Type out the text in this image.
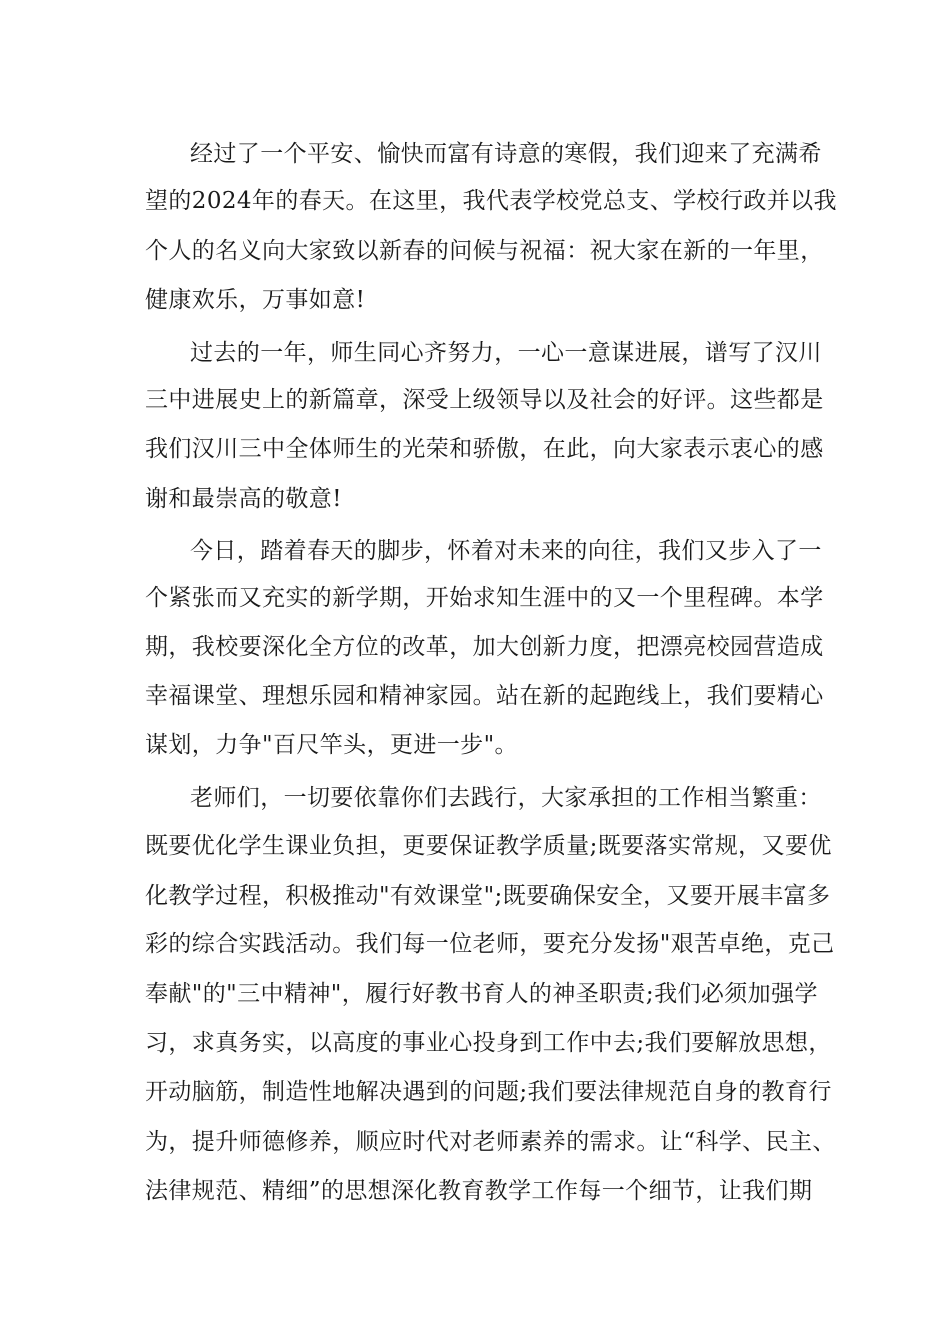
经过了一个平安、愉快而富有诗意的寒假，我们迎来了充满希
望的2024年的春天。在这里，我代表学校党总支、学校行政并以我
个人的名义向大家致以新春的问候与祝福：祝大家在新的一年里，
健康欢乐，万事如意!
过去的一年，师生同心齐努力，一心一意谋进展，谱写了汉川
三中进展史上的新篇章，深受上级领导以及社会的好评。这些都是
我们汉川三中全体师生的光荣和骄傲，在此，向大家表示衷心的感
谢和最崇高的敬意!
今日，踏着春天的脚步，怀着对未来的向往，我们又步入了一
个紧张而又充实的新学期，开始求知生涯中的又一个里程碑。本学
期，我校要深化全方位的改革，加大创新力度，把漂亮校园营造成
幸福课堂、理想乐园和精神家园。站在新的起跑线上，我们要精心
谋划，力争"百尺竿头，更进一步"。
老师们，一切要依靠你们去践行，大家承担的工作相当繁重：
既要优化学生课业负担，更要保证教学质量;既要落实常规，又要优
化教学过程，积极推动"有效课堂";既要确保安全，又要开展丰富多
彩的综合实践活动。我们每一位老师，要充分发扬"艰苦卓绝，克己
奉献"的"三中精神"，履行好教书育人的神圣职责;我们必须加强学
习，求真务实，以高度的事业心投身到工作中去;我们要解放思想，
开动脑筋，制造性地解决遇到的问题;我们要法律规范自身的教育行
为，提升师德修养，顺应时代对老师素养的需求。让“科学、民主、
法律规范、精细”的思想深化教育教学工作每一个细节，让我们期
